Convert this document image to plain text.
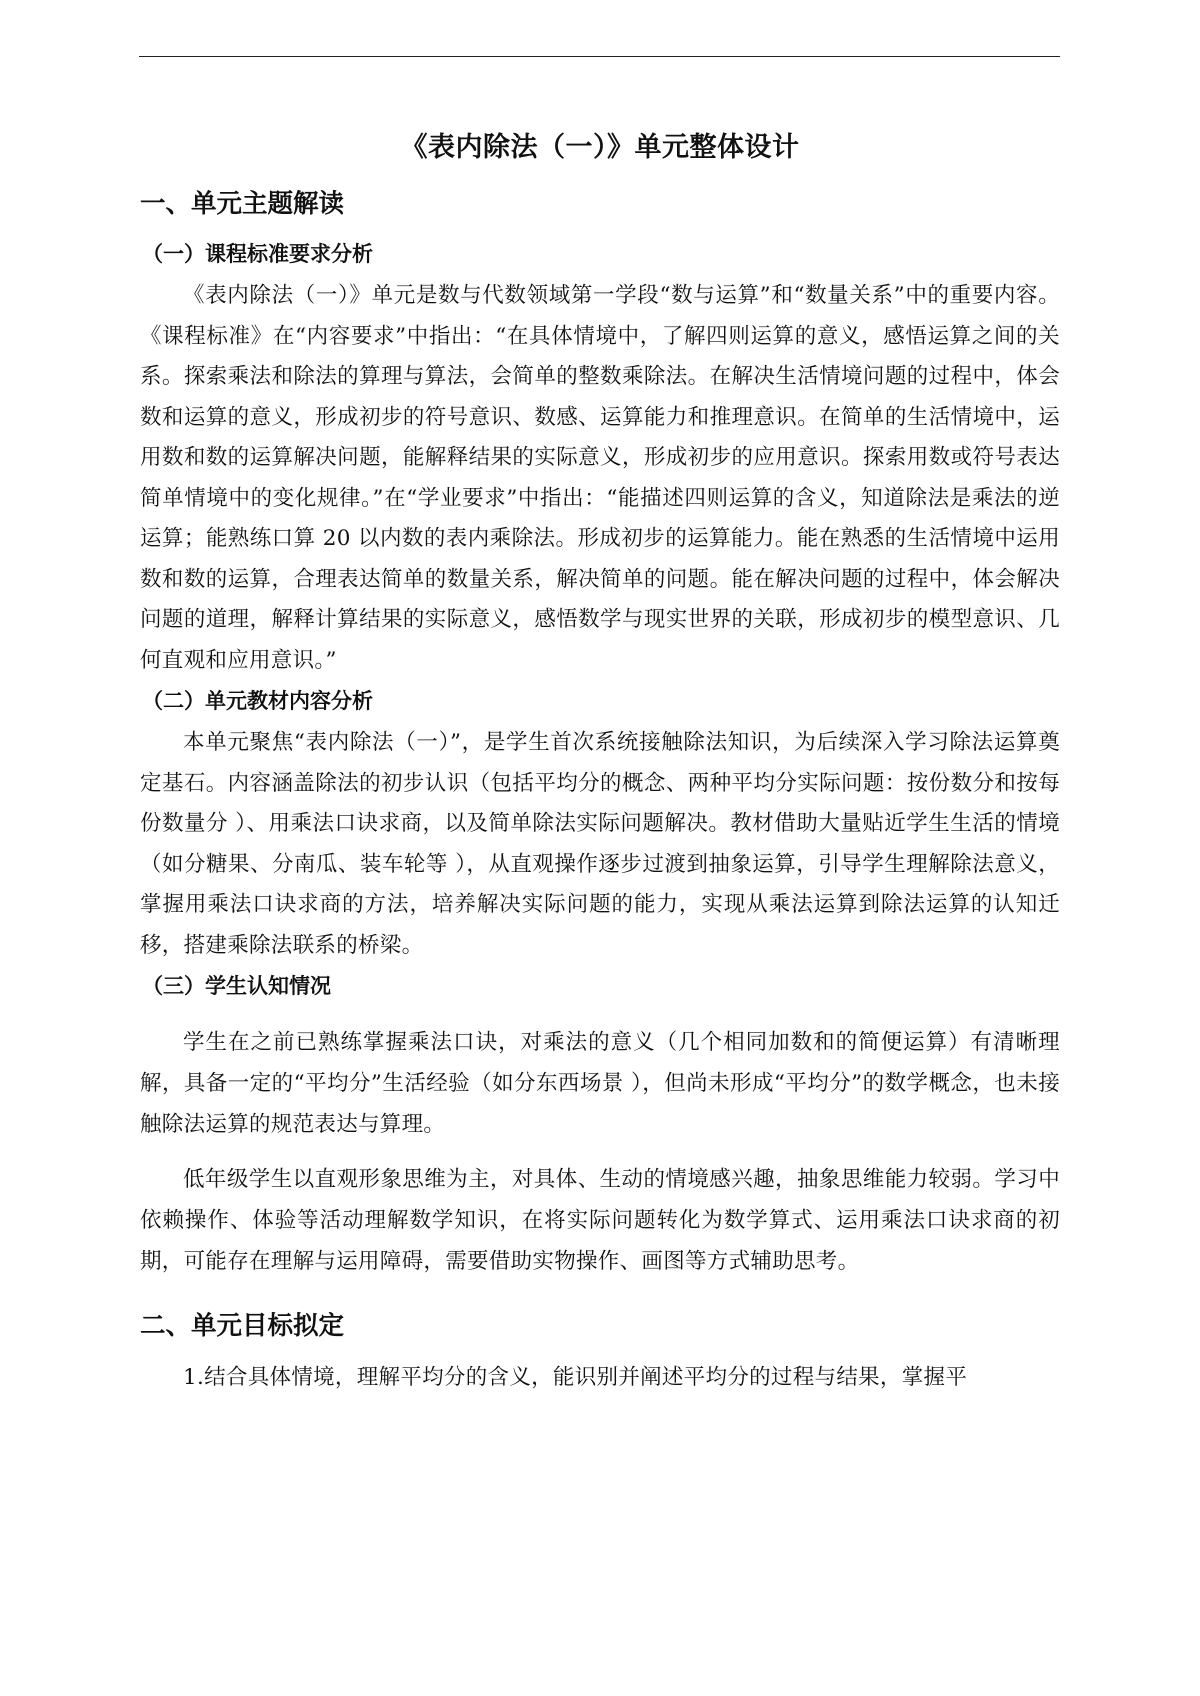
《表内除法（一）》单元整体设计
一、单元主题解读
（一）课程标准要求分析

《表内除法（一）》单元是数与代数领域第一学段“数与运算”和“数量关系”中的重要内容。《课程标准》在“内容要求”中指出：“在具体情境中，了解四则运算的意义，感悟运算之间的关系。探索乘法和除法的算理与算法，会简单的整数乘除法。在解决生活情境问题的过程中，体会数和运算的意义，形成初步的符号意识、数感、运算能力和推理意识。在简单的生活情境中，运用数和数的运算解决问题，能解释结果的实际意义，形成初步的应用意识。探索用数或符号表达简单情境中的变化规律。”在“学业要求”中指出：“能描述四则运算的含义，知道除法是乘法的逆运算；能熟练口算 20 以内数的表内乘除法。形成初步的运算能力。能在熟悉的生活情境中运用数和数的运算，合理表达简单的数量关系，解决简单的问题。能在解决问题的过程中，体会解决问题的道理，解释计算结果的实际意义，感悟数学与现实世界的关联，形成初步的模型意识、几何直观和应用意识。”

（二）单元教材内容分析

本单元聚焦“表内除法（一）”，是学生首次系统接触除法知识，为后续深入学习除法运算奠定基石。内容涵盖除法的初步认识（包括平均分的概念、两种平均分实际问题：按份数分和按每份数量分 ）、用乘法口诀求商，以及简单除法实际问题解决。教材借助大量贴近学生生活的情境（如分糖果、分南瓜、装车轮等 ），从直观操作逐步过渡到抽象运算，引导学生理解除法意义，掌握用乘法口诀求商的方法，培养解决实际问题的能力，实现从乘法运算到除法运算的认知迁移，搭建乘除法联系的桥梁。

（三）学生认知情况

学生在之前已熟练掌握乘法口诀，对乘法的意义（几个相同加数和的简便运算）有清晰理解，具备一定的“平均分”生活经验（如分东西场景 ），但尚未形成“平均分”的数学概念，也未接触除法运算的规范表达与算理。

低年级学生以直观形象思维为主，对具体、生动的情境感兴趣，抽象思维能力较弱。学习中依赖操作、体验等活动理解数学知识，在将实际问题转化为数学算式、运用乘法口诀求商的初期，可能存在理解与运用障碍，需要借助实物操作、画图等方式辅助思考。

二、单元目标拟定

1.结合具体情境，理解平均分的含义，能识别并阐述平均分的过程与结果，掌握平
